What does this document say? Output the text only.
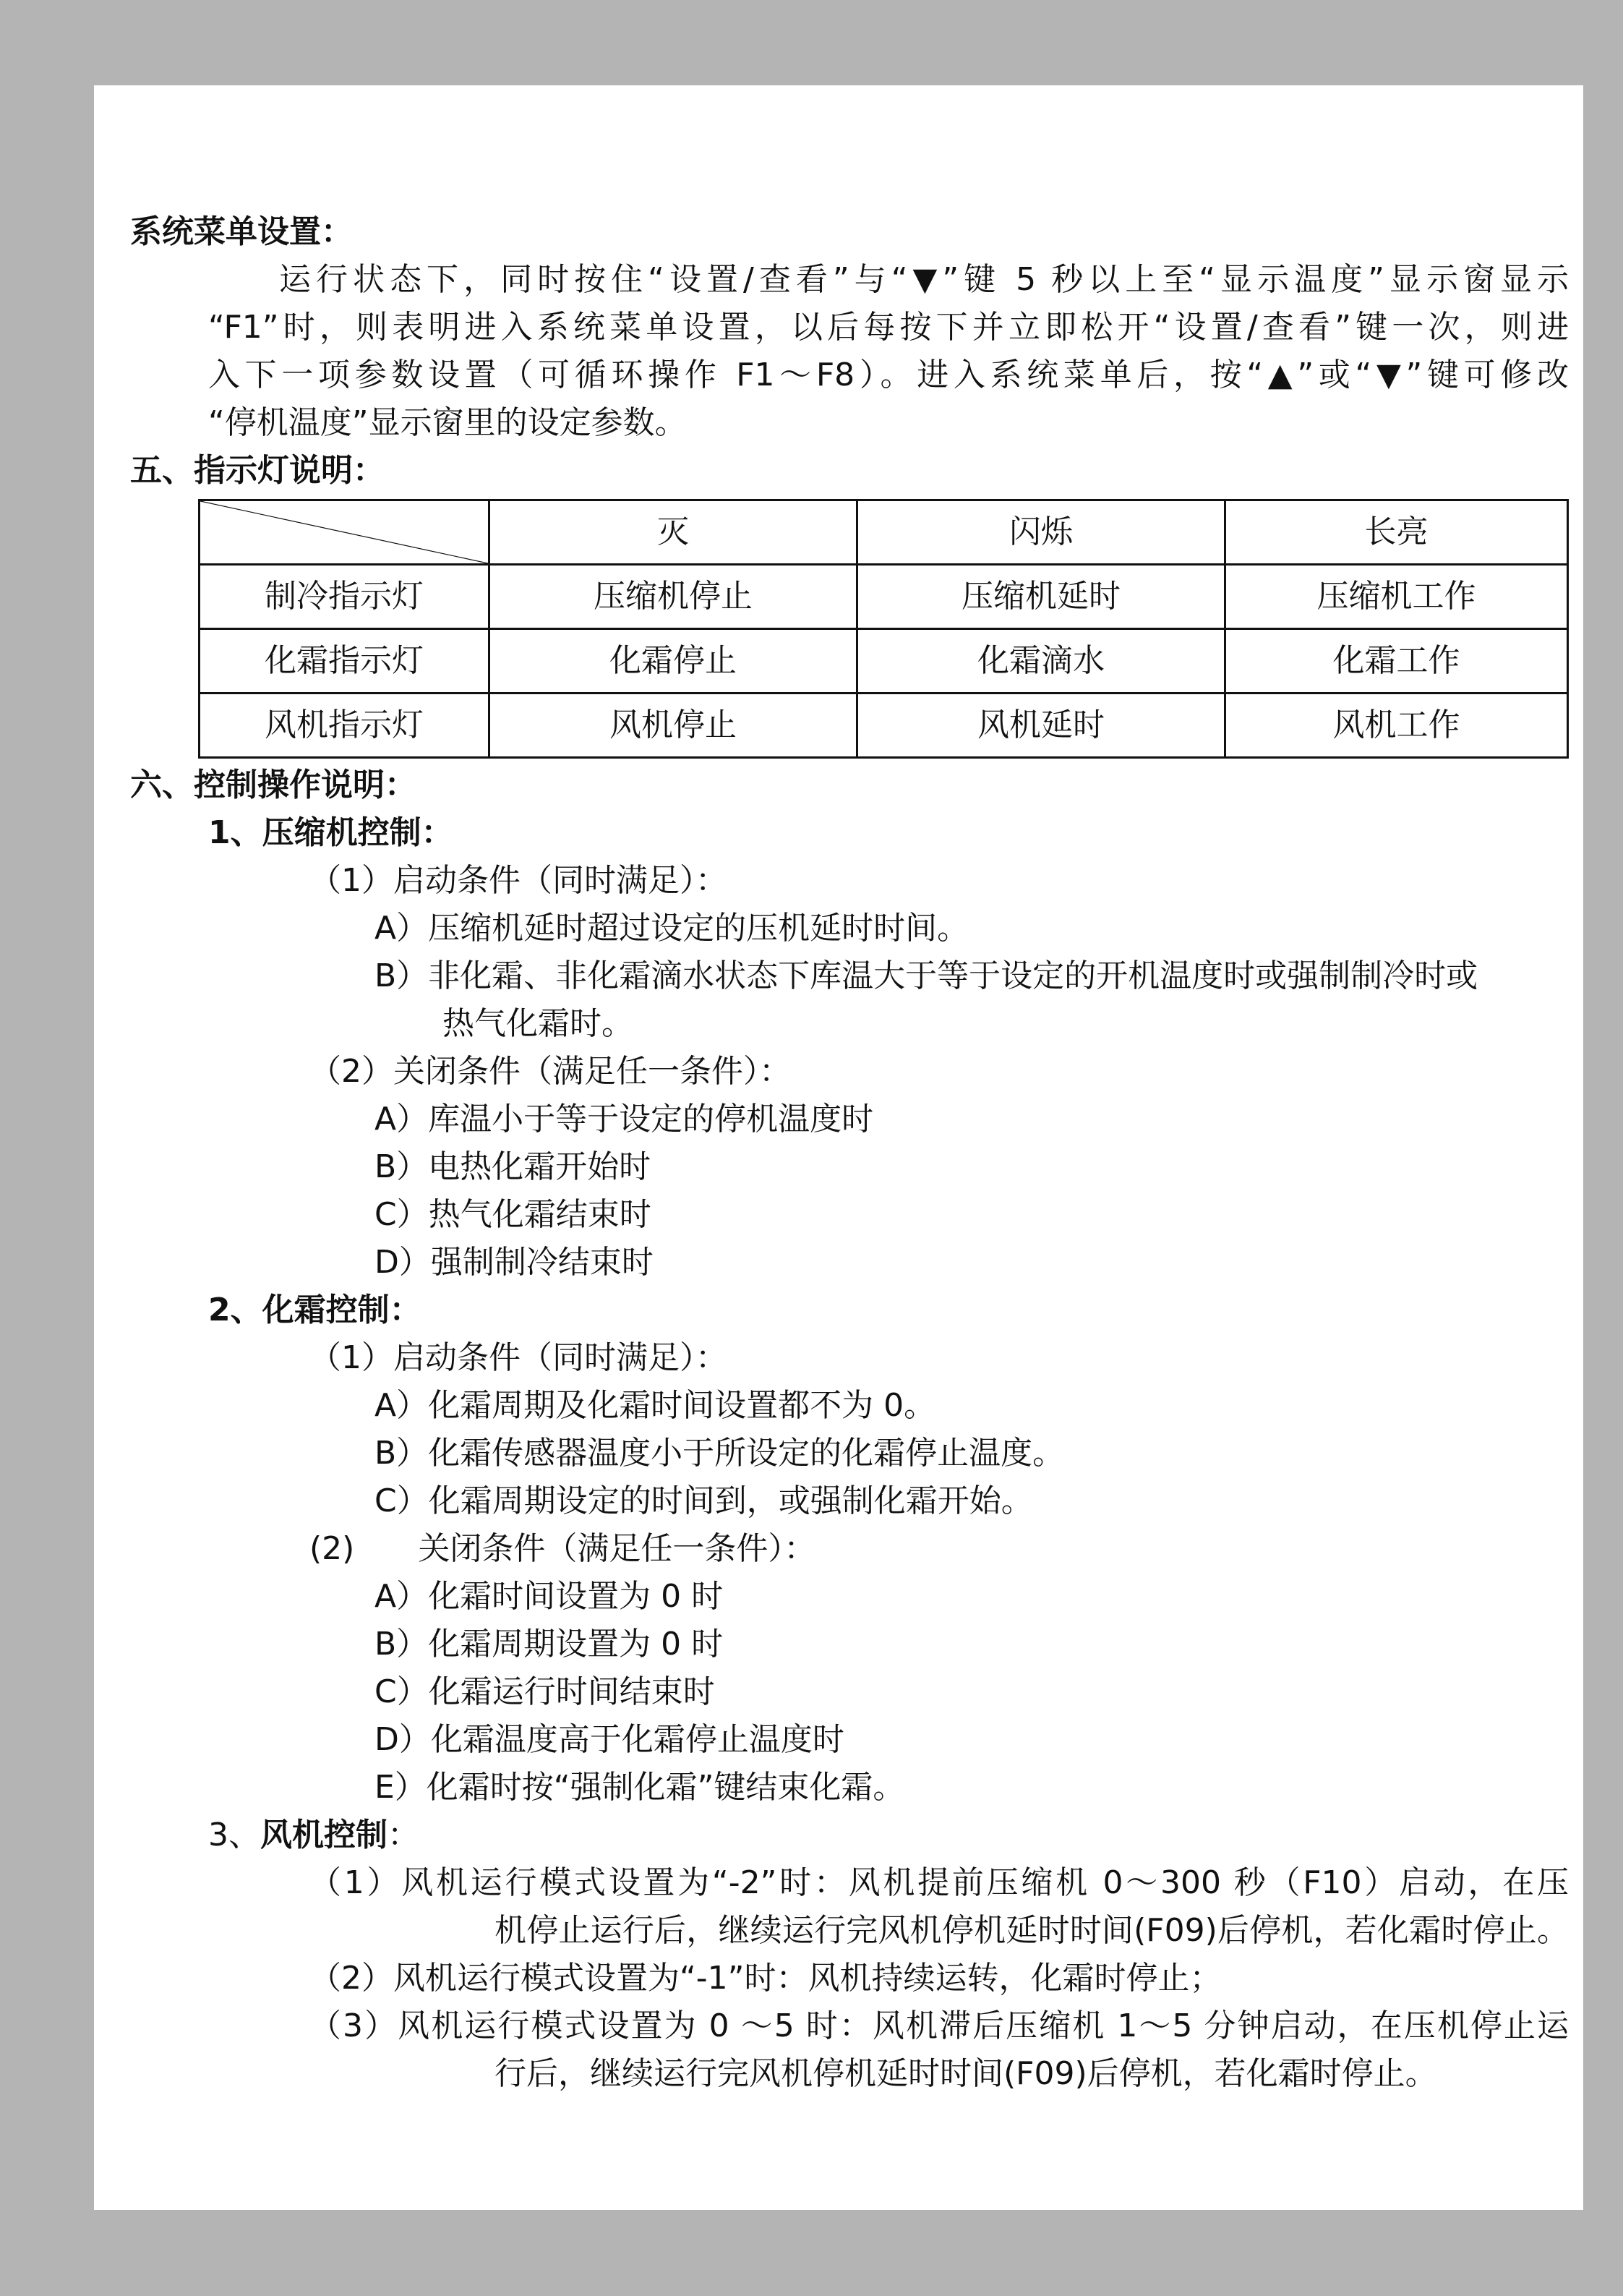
系统菜单设置：
运行状态下，同时按住“设置/查看”与“▼”键 5 秒以上至“显示温度”显示窗显示
“F1”时，则表明进入系统菜单设置，以后每按下并立即松开“设置/查看”键一次，则进
入下一项参数设置（可循环操作 F1～F8）。进入系统菜单后，按“▲”或“▼”键可修改
“停机温度”显示窗里的设定参数。
五、指示灯说明：
	灭	闪烁	长亮
制冷指示灯	压缩机停止	压缩机延时	压缩机工作
化霜指示灯	化霜停止	化霜滴水	化霜工作
风机指示灯	风机停止	风机延时	风机工作
六、控制操作说明：
1、压缩机控制：
（1）启动条件（同时满足）：
A）压缩机延时超过设定的压机延时时间。
B）非化霜、非化霜滴水状态下库温大于等于设定的开机温度时或强制制冷时或
热气化霜时。
（2）关闭条件（满足任一条件）：
A）库温小于等于设定的停机温度时
B）电热化霜开始时
C）热气化霜结束时
D）强制制冷结束时
2、化霜控制：
（1）启动条件（同时满足）：
A）化霜周期及化霜时间设置都不为 0。
B）化霜传感器温度小于所设定的化霜停止温度。
C）化霜周期设定的时间到，或强制化霜开始。
(2)　　关闭条件（满足任一条件）：
A）化霜时间设置为 0 时
B）化霜周期设置为 0 时
C）化霜运行时间结束时
D）化霜温度高于化霜停止温度时
E）化霜时按“强制化霜”键结束化霜。
3、风机控制：
（1）风机运行模式设置为“-2”时：风机提前压缩机 0～300 秒（F10）启动，在压
机停止运行后，继续运行完风机停机延时时间(F09)后停机，若化霜时停止。
（2）风机运行模式设置为“-1”时：风机持续运转，化霜时停止；
（3）风机运行模式设置为 0 ～5 时：风机滞后压缩机 1～5 分钟启动，在压机停止运
行后，继续运行完风机停机延时时间(F09)后停机，若化霜时停止。
